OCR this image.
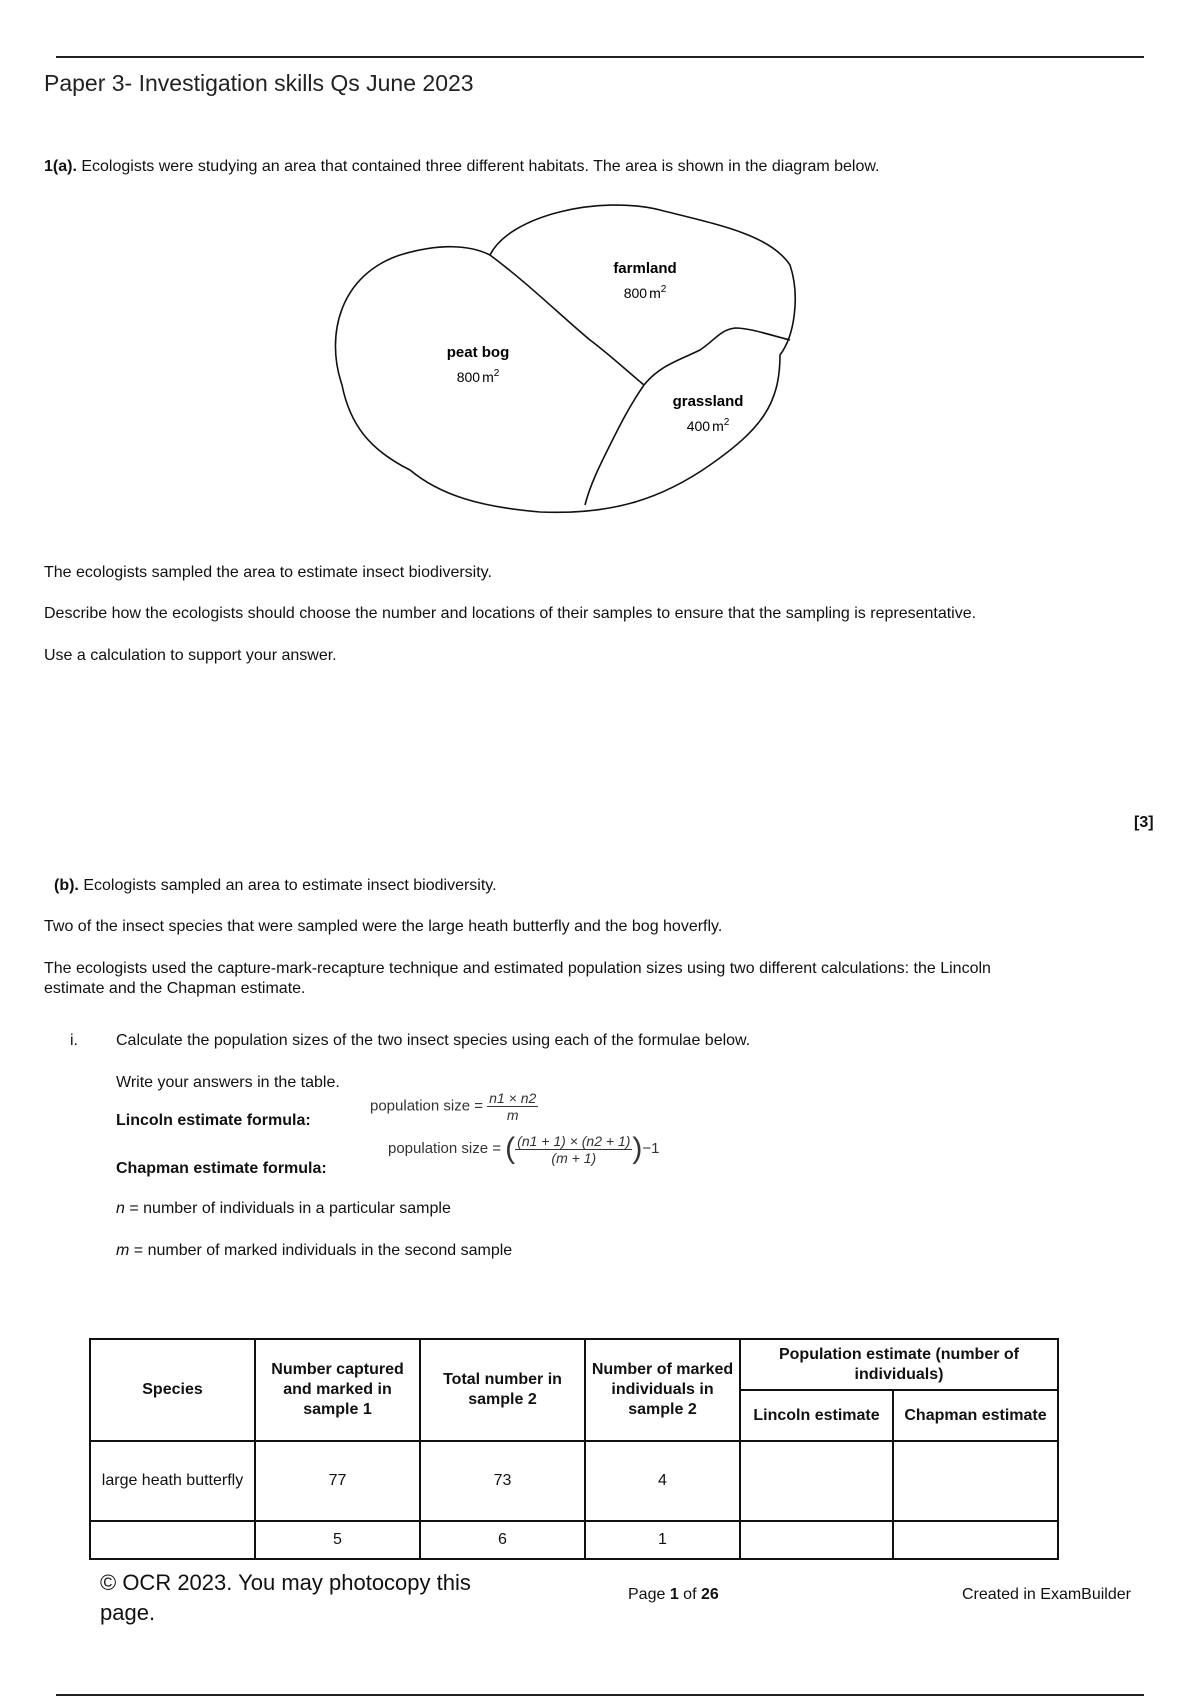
Paper 3- Investigation skills Qs June 2023
1(a). Ecologists were studying an area that contained three different habitats. The area is shown in the diagram below.
farmland
800 $m^2$
peat bog
800 $m^2$
grassland
400 $m^2$
The ecologists sampled the area to estimate insect biodiversity.
Describe how the ecologists should choose the number and locations of their samples to ensure that the sampling is representative.
Use a calculation to support your answer.
[3]
(b). Ecologists sampled an area to estimate insect biodiversity.
Two of the insect species that were sampled were the large heath butterfly and the bog hoverfly.
The ecologists used the capture-mark-recapture technique and estimated population sizes using two different calculations: the Lincoln
estimate and the Chapman estimate.
i. Calculate the population sizes of the two insect species using each of the formulae below.
Write your answers in the table.
Lincoln estimate formula:
population size = $\frac{n1 \times n2}{m}$
Chapman estimate formula:
population size = ( $\frac{(n1 + 1) \times (n2 + 1)}{(m + 1)} )-1$
n = number of individuals in a particular sample
m = number of marked individuals in the second sample
Species	Number captured and marked in sample 1	Total number in sample 2	Number of marked individuals in sample 2	Population estimate (number of individuals)	
				Lincoln estimate	Chapman estimate
large heath butterfly	77	73	4		
	5	6	1		
© OCR 2023. You may photocopy this page.
Page 1 of 26	Created in ExamBuilder
